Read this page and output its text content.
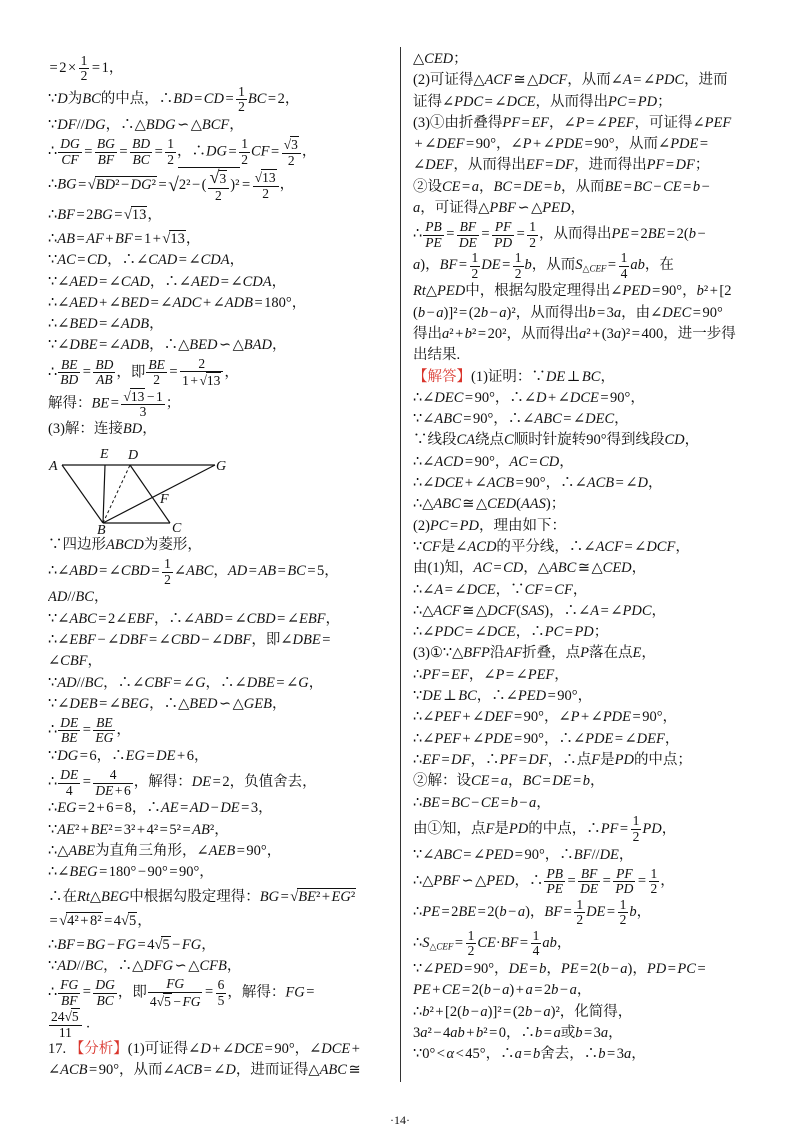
= $2 \times \frac{1}{2} = 1$，
∵D为BC的中点，∴BD = CD = $\frac{1}{2}$ BC = 2，
∵DF//DG，∴△BDG ∽ △BCF，
∴ $\frac{DG}{CF} = \frac{BG}{BF} = \frac{BD}{BC} = \frac{1}{2}$ ，∴DG = $\frac{1}{2}$ CF = $\frac{√3}{2}$ ，
∴BG = √BD² − DG² =√2² − ( $\frac{√3}{2} )^2 = \frac{√13}{2}$ ，
∴BF = 2BG = √13，
∴AB = AF + BF = 1 + √13，
∵AC = CD，∴∠CAD = ∠CDA，
∵∠AED = ∠CAD，∴∠AED = ∠CDA，
∴∠AED + ∠BED = ∠ADC + ∠ADB = 180°，
∴∠BED = ∠ADB，
∵∠DBE = ∠ADB，∴△BED ∽ △BAD，
∴ $\frac{BE}{BD} = \frac{BD}{AB}$ ，即 $\frac{BE}{2} = \frac{2}{1 + √13}$ ，
解得：BE = $\frac{√13 - 1}{3}$ ；
(3)解：连接BD，
A
E D
G
F
B	C
∵四边形ABCD为菱形，
∴∠ABD = ∠CBD = $\frac{1}{2}$ ∠ABC，AD = AB = BC = 5，
AD//BC，
∵∠ABC = 2∠EBF，∴∠ABD = ∠CBD = ∠EBF，
∴∠EBF − ∠DBF = ∠CBD − ∠DBF，即∠DBE =
∠CBF，
∵AD//BC，∴∠CBF = ∠G，∴∠DBE = ∠G，
∵∠DEB = ∠BEG，∴△BED ∽ △GEB，
∴ $\frac{DE}{BE} = \frac{BE}{EG}$ ，
∵DG = 6，∴EG = DE + 6，
∴ $\frac{DE}{4} = \frac{4}{DE + 6}$ ，解得：DE = 2，负值舍去，
∴EG = 2 + 6 = 8，∴AE = AD − DE = 3，
∵AE² + BE² = 3² + 4² = 5² = AB²，
∴△ABE为直角三角形，∠AEB = 90°，
∴∠BEG = 180° − 90° = 90°，
∴在Rt△BEG中根据勾股定理得：BG = √BE² + EG²
= √4² + 8² = 4√5，
∴BF = BG − FG = 4√5 − FG，
∵AD//BC，∴△DFG ∽ △CFB，
∴ $\frac{FG}{BF} = \frac{DG}{BC}$ ，即 $\frac{FG}{4√5 - FG} = \frac{6}{5}$ ，解得：FG =
$\frac{24√5}{11}$ .
17. 【分析】(1)可证得∠D + ∠DCE = 90°，∠DCE +
∠ACB = 90°，从而∠ACB = ∠D，进而证得△ABC ≅
△CED；
(2)可证得△ACF ≅ △DCF，从而∠A = ∠PDC，进而
证得∠PDC = ∠DCE，从而得出PC = PD；
(3)①由折叠得PF = EF，∠P = ∠PEF，可证得∠PEF
+ ∠DEF = 90°，∠P + ∠PDE = 90°，从而∠PDE =
∠DEF，从而得出EF = DF，进而得出PF = DF；
②设CE = a，BC = DE = b，从而BE = BC − CE = b −
a，可证得△PBF ∽ △PED，
∴ $\frac{PB}{PE} = \frac{BF}{DE} = \frac{PF}{PD} = \frac{1}{2}$ ，从而得出PE = 2BE = 2(b −
a)，BF = $\frac{1}{2}$ DE = $\frac{1}{2}$ b，从而$S_{\triangle CEF} = \frac{1}{4}$ ab，在
Rt△PED中，根据勾股定理得出∠PED = 90°，b² + [2
(b − a)]² = (2b − a)²，从而得出b = 3a，由∠DEC = 90°
得出a² + b² = 20²，从而得出a² + (3a)² = 400，进一步得
出结果.
【解答】(1)证明：∵DE ⊥ BC，
∴∠DEC = 90°，∴∠D + ∠DCE = 90°，
∵∠ABC = 90°，∴∠ABC = ∠DEC，
∵线段CA绕点C顺时针旋转90°得到线段CD，
∴∠ACD = 90°，AC = CD，
∴∠DCE + ∠ACB = 90°，∴∠ACB = ∠D，
∴△ABC ≅ △CED(AAS)；
(2)PC = PD，理由如下：
∵CF是∠ACD的平分线，∴∠ACF = ∠DCF，
由(1)知，AC = CD，△ABC ≅ △CED，
∴∠A = ∠DCE，∵CF = CF，
∴△ACF ≅ △DCF(SAS)，∴∠A = ∠PDC，
∴∠PDC = ∠DCE，∴PC = PD；
(3)①∵△BFP沿AF折叠，点P落在点E，
∴PF = EF，∠P = ∠PEF，
∵DE ⊥ BC，∴∠PED = 90°，
∴∠PEF + ∠DEF = 90°，∠P + ∠PDE = 90°，
∴∠PEF + ∠PDE = 90°，∴∠PDE = ∠DEF，
∴EF = DF，∴PF = DF，∴点F是PD的中点；
②解：设CE = a，BC = DE = b，
∴BE = BC − CE = b − a，
由①知，点F是PD的中点，∴PF = $\frac{1}{2}$ PD，
∵∠ABC = ∠PED = 90°，∴BF//DE，
∴△PBF ∽ △PED，∴ $\frac{PB}{PE} = \frac{BF}{DE} = \frac{PF}{PD} = \frac{1}{2}$ ，
∴PE = 2BE = 2(b − a)，BF = $\frac{1}{2}$ DE = $\frac{1}{2}$ b，
$\therefore S_{\triangle CEF} = \frac{1}{2} CE\cdot BF = \frac{1}{4}$ ab，
∵∠PED = 90°，DE = b，PE = 2(b − a)，PD = PC =
PE + CE = 2(b − a) + a = 2b − a，
∴b² + [2(b − a)]² = (2b − a)²，化简得，
3a² − 4ab + b² = 0，∴b = a或b = 3a，
∵0° < α < 45°，∴a = b舍去，∴b = 3a，
·14·
